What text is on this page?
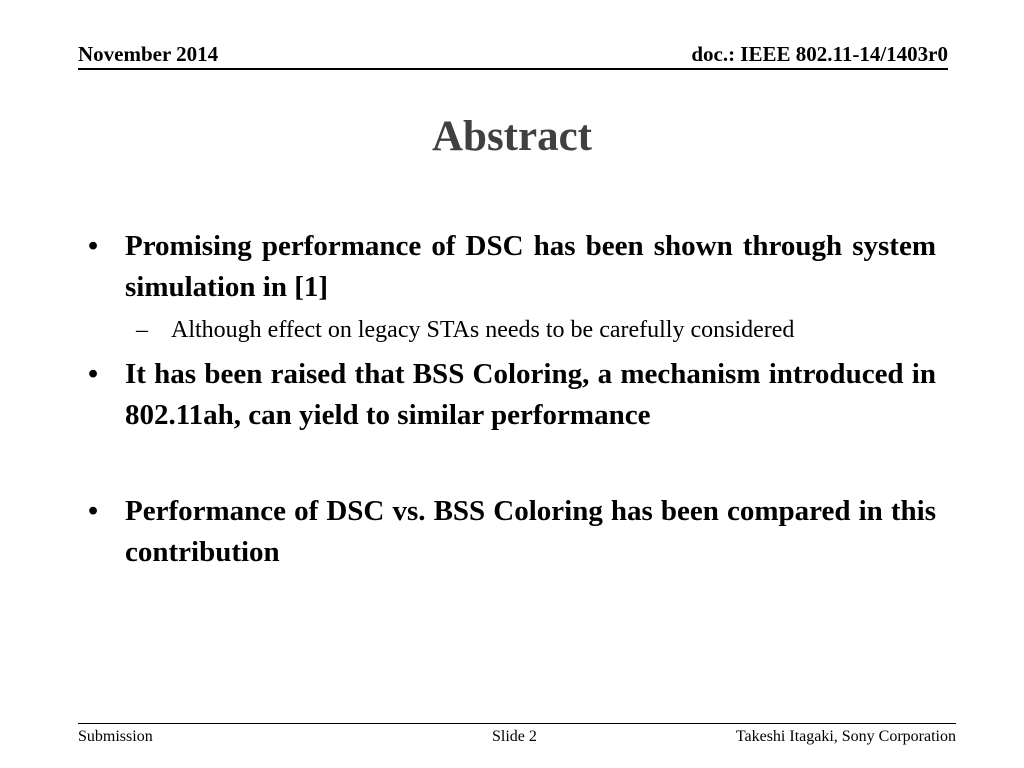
November 2014	doc.: IEEE 802.11-14/1403r0
Abstract
• Promising performance of DSC has been shown through system simulation in [1]
– Although effect on legacy STAs needs to be carefully considered
• It has been raised that BSS Coloring, a mechanism introduced in 802.11ah, can yield to similar performance
• Performance of DSC vs. BSS Coloring has been compared in this contribution
Submission	Slide 2	Takeshi Itagaki, Sony Corporation
